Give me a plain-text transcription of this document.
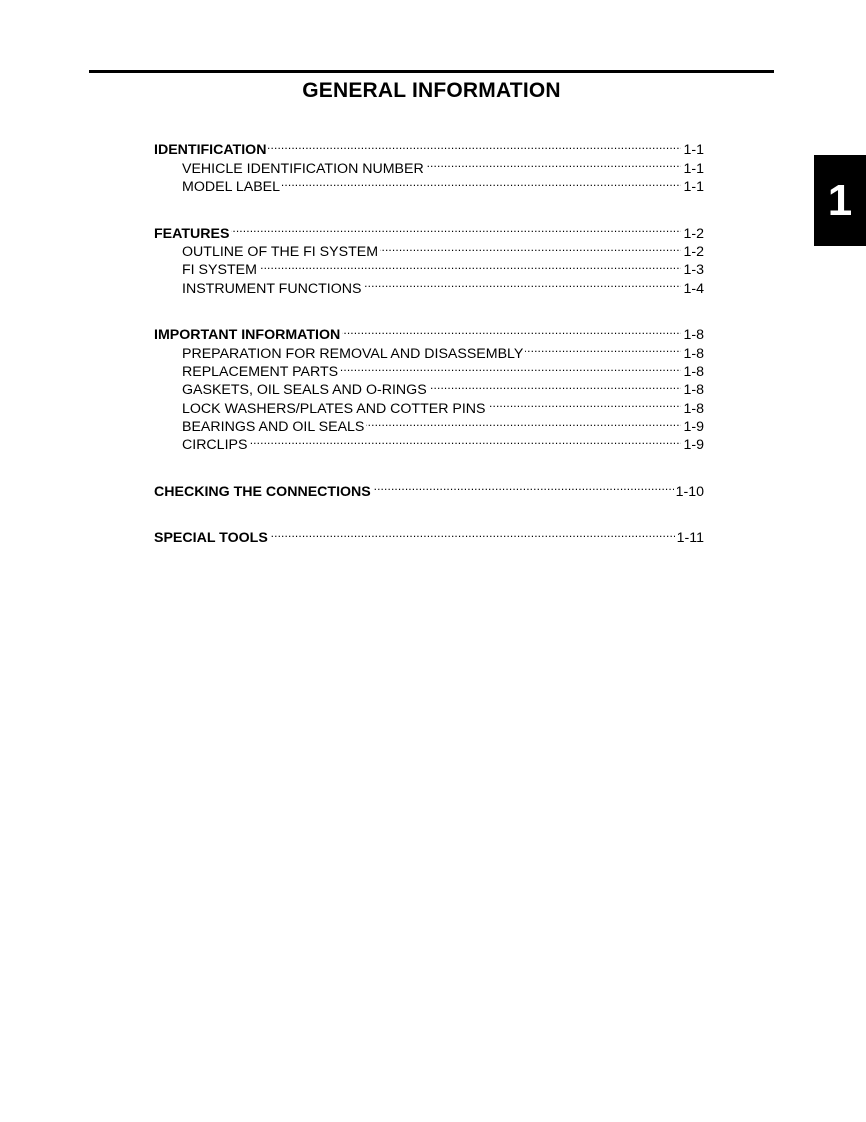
GENERAL INFORMATION
1
IDENTIFICATION . . .	1-1
VEHICLE IDENTIFICATION NUMBER . . .	1-1
MODEL LABEL . . .	1-1
FEATURES . . .	1-2
OUTLINE OF THE FI SYSTEM . . .	1-2
FI SYSTEM . . .	1-3
INSTRUMENT FUNCTIONS . . .	1-4
IMPORTANT INFORMATION . . .	1-8
PREPARATION FOR REMOVAL AND DISASSEMBLY . . .	1-8
REPLACEMENT PARTS . . .	1-8
GASKETS, OIL SEALS AND O-RINGS . . .	1-8
LOCK WASHERS/PLATES AND COTTER PINS . . .	1-8
BEARINGS AND OIL SEALS . . .	1-9
CIRCLIPS . . .	1-9
CHECKING THE CONNECTIONS . . .	1-10
SPECIAL TOOLS . . .	1-11
